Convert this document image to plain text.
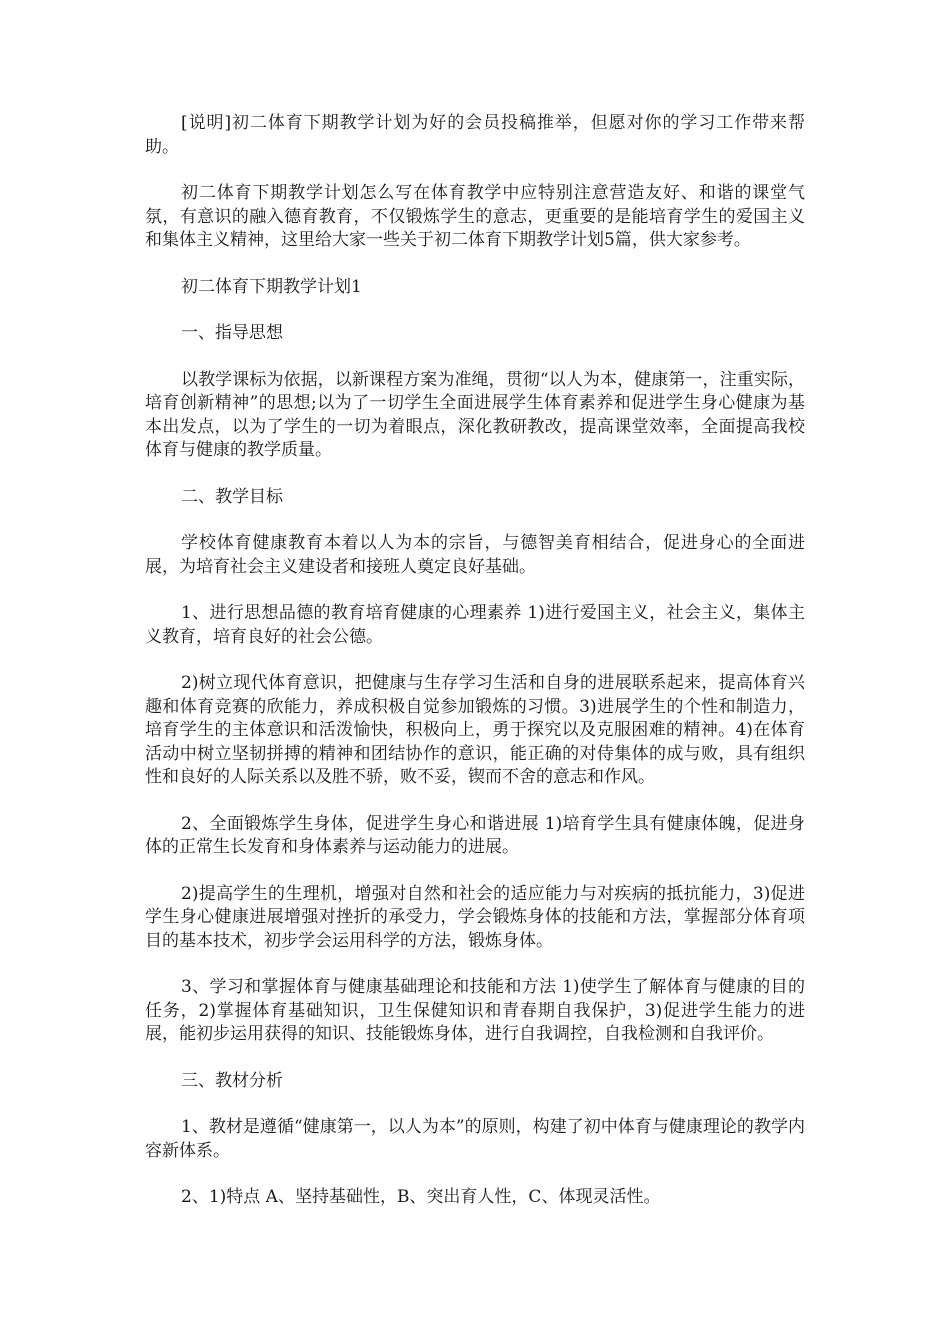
[说明]初二体育下期教学计划为好的会员投稿推举，但愿对你的学习工作带来帮助。

初二体育下期教学计划怎么写在体育教学中应特别注意营造友好、和谐的课堂气氛，有意识的融入德育教育，不仅锻炼学生的意志，更重要的是能培育学生的爱国主义和集体主义精神，这里给大家一些关于初二体育下期教学计划5篇，供大家参考。

初二体育下期教学计划1

一、指导思想

以教学课标为依据，以新课程方案为准绳，贯彻“以人为本，健康第一，注重实际，培育创新精神”的思想;以为了一切学生全面进展学生体育素养和促进学生身心健康为基本出发点，以为了学生的一切为着眼点，深化教研教改，提高课堂效率，全面提高我校体育与健康的教学质量。

二、教学目标

学校体育健康教育本着以人为本的宗旨，与德智美育相结合，促进身心的全面进展，为培育社会主义建设者和接班人奠定良好基础。

1、进行思想品德的教育培育健康的心理素养 1)进行爱国主义，社会主义，集体主义教育，培育良好的社会公德。

2)树立现代体育意识，把健康与生存学习生活和自身的进展联系起来，提高体育兴趣和体育竞赛的欣能力，养成积极自觉参加锻炼的习惯。3)进展学生的个性和制造力，培育学生的主体意识和活泼愉快，积极向上，勇于探究以及克服困难的精神。4)在体育活动中树立坚韧拼搏的精神和团结协作的意识，能正确的对侍集体的成与败，具有组织性和良好的人际关系以及胜不骄，败不妥，锲而不舍的意志和作风。

2、全面锻炼学生身体，促进学生身心和谐进展 1)培育学生具有健康体魄，促进身体的正常生长发育和身体素养与运动能力的进展。

2)提高学生的生理机，增强对自然和社会的适应能力与对疾病的抵抗能力，3)促进学生身心健康进展增强对挫折的承受力，学会锻炼身体的技能和方法，掌握部分体育项目的基本技术，初步学会运用科学的方法，锻炼身体。

3、学习和掌握体育与健康基础理论和技能和方法 1)使学生了解体育与健康的目的任务，2)掌握体育基础知识，卫生保健知识和青春期自我保护，3)促进学生能力的进展，能初步运用获得的知识、技能锻炼身体，进行自我调控，自我检测和自我评价。

三、教材分析

1、教材是遵循“健康第一，以人为本”的原则，构建了初中体育与健康理论的教学内容新体系。

2、1)特点 A、坚持基础性，B、突出育人性，C、体现灵活性。
